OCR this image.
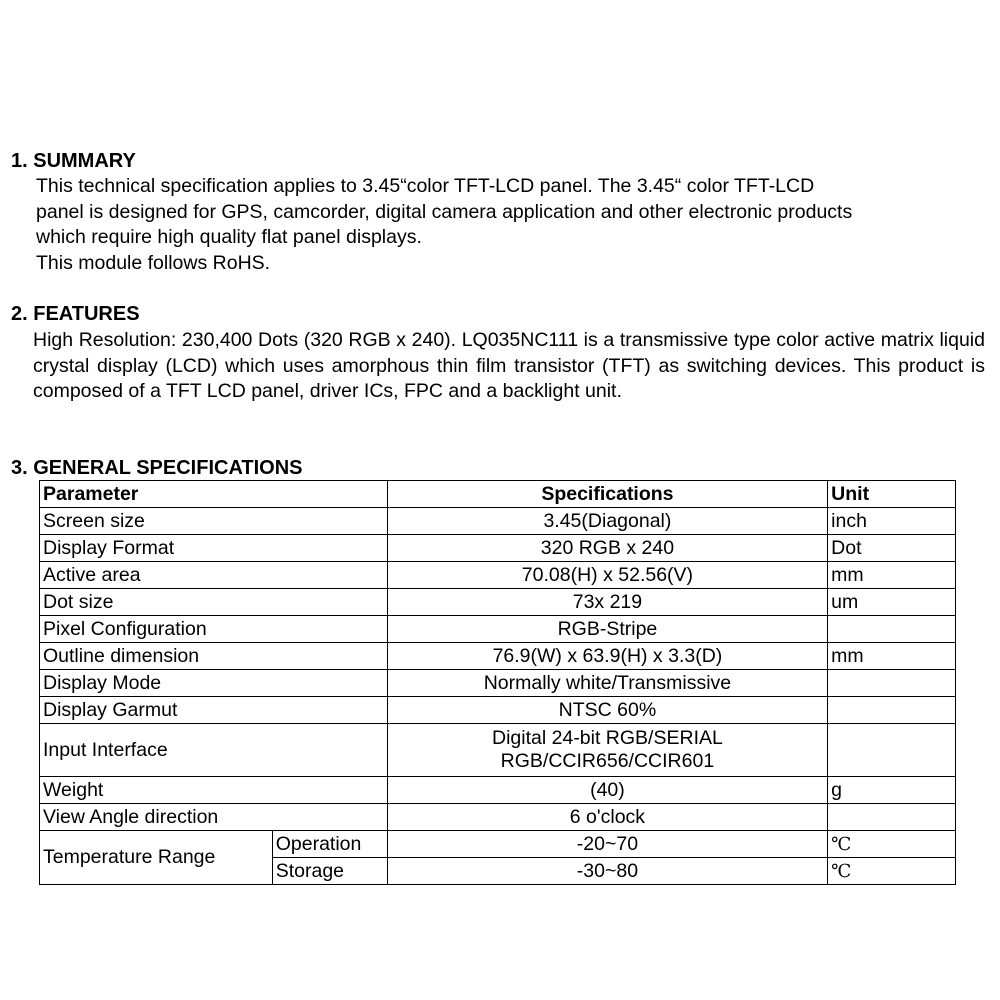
1. SUMMARY
This technical specification applies to 3.45“color TFT-LCD panel. The 3.45“ color TFT-LCD
panel is designed for GPS, camcorder, digital camera application and other electronic products
which require high quality flat panel displays.
This module follows RoHS.
2. FEATURES

High Resolution: 230,400 Dots (320 RGB x 240). LQ035NC111 is a transmissive type color active matrix liquid crystal display (LCD) which uses amorphous thin film transistor (TFT) as switching devices. This product is composed of a TFT LCD panel, driver ICs, FPC and a backlight unit.

3. GENERAL SPECIFICATIONS
Parameter		Specifications	Unit
Screen size		3.45(Diagonal)	inch
Display Format		320 RGB x 240	Dot
Active area		70.08(H) x 52.56(V)	mm
Dot size		73x 219	um
Pixel Configuration		RGB-Stripe	
Outline dimension		76.9(W) x 63.9(H) x 3.3(D)	mm
Display Mode		Normally white/Transmissive	
Display Garmut		NTSC 60%	
Input Interface		Digital 24-bit RGB/SERIAL
RGB/CCIR656/CCIR601	

Weight		(40)	g
View Angle direction		6 o'clock	
Temperature Range	Operation	-20~70	℃
	Storage	-30~80	℃
